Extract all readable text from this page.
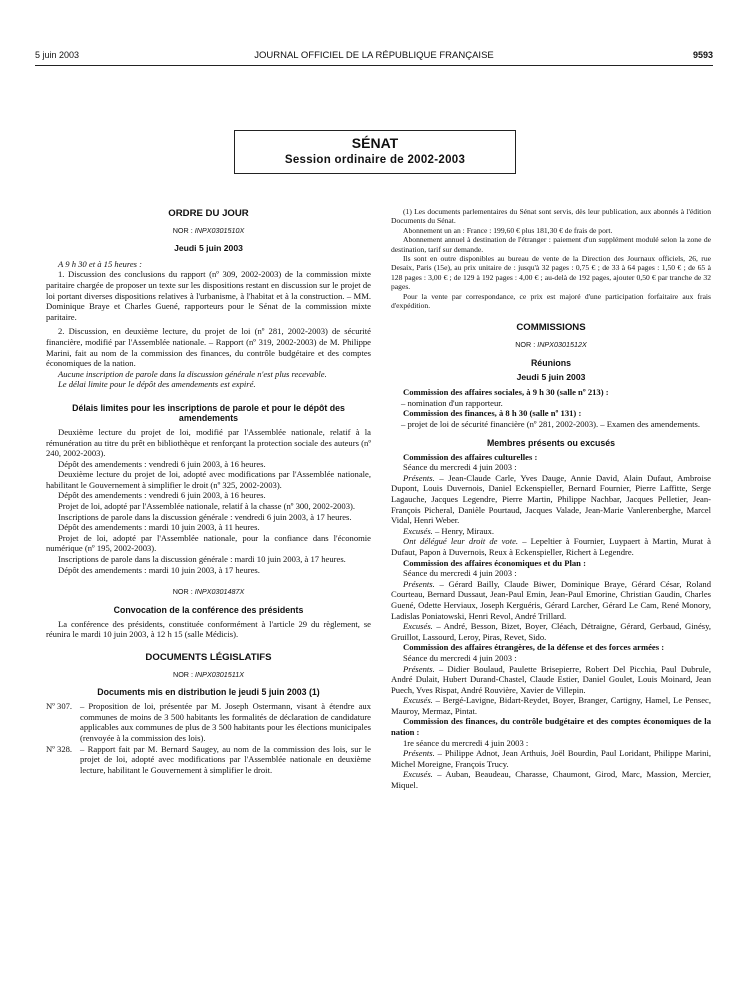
5 juin 2003	JOURNAL OFFICIEL DE LA RÉPUBLIQUE FRANÇAISE	9593
SÉNAT
Session ordinaire de 2002-2003
ORDRE DU JOUR
NOR : INPX0301510X
Jeudi 5 juin 2003

A 9 h 30 et à 15 heures :

1. Discussion des conclusions du rapport (nº 309, 2002-2003) de la commission mixte paritaire chargée de proposer un texte sur les dispositions restant en discussion sur le projet de loi portant diverses dispositions relatives à l'urbanisme, à l'habitat et à la construction. – MM. Dominique Braye et Charles Guené, rapporteurs pour le Sénat de la commission mixte paritaire.

2. Discussion, en deuxième lecture, du projet de loi (nº 281, 2002-2003) de sécurité financière, modifié par l'Assemblée nationale. – Rapport (nº 319, 2002-2003) de M. Philippe Marini, fait au nom de la commission des finances, du contrôle budgétaire et des comptes économiques de la nation.

Aucune inscription de parole dans la discussion générale n'est plus recevable.

Le délai limite pour le dépôt des amendements est expiré.

Délais limites pour les inscriptions de parole et pour le dépôt des amendements

Deuxième lecture du projet de loi, modifié par l'Assemblée nationale, relatif à la rémunération au titre du prêt en bibliothèque et renforçant la protection sociale des auteurs (nº 240, 2002-2003).

Dépôt des amendements : vendredi 6 juin 2003, à 16 heures.

Deuxième lecture du projet de loi, adopté avec modifications par l'Assemblée nationale, habilitant le Gouvernement à simplifier le droit (nº 325, 2002-2003).

Dépôt des amendements : vendredi 6 juin 2003, à 16 heures.

Projet de loi, adopté par l'Assemblée nationale, relatif à la chasse (nº 300, 2002-2003).

Inscriptions de parole dans la discussion générale : vendredi 6 juin 2003, à 17 heures.

Dépôt des amendements : mardi 10 juin 2003, à 11 heures.

Projet de loi, adopté par l'Assemblée nationale, pour la confiance dans l'économie numérique (nº 195, 2002-2003).

Inscriptions de parole dans la discussion générale : mardi 10 juin 2003, à 17 heures.

Dépôt des amendements : mardi 10 juin 2003, à 17 heures.

NOR : INPX0301487X
Convocation de la conférence des présidents

La conférence des présidents, constituée conformément à l'article 29 du règlement, se réunira le mardi 10 juin 2003, à 12 h 15 (salle Médicis).

DOCUMENTS LÉGISLATIFS
NOR : INPX0301511X
Documents mis en distribution le jeudi 5 juin 2003 (1)
Nº 307. – Proposition de loi, présentée par M. Joseph Ostermann, visant à étendre aux communes de moins de 3 500 habitants les formalités de déclaration de candidature applicables aux communes de plus de 3 500 habitants pour les élections municipales (renvoyée à la commission des lois).
Nº 328. – Rapport fait par M. Bernard Saugey, au nom de la commission des lois, sur le projet de loi, adopté avec modifications par l'Assemblée nationale en deuxième lecture, habilitant le Gouvernement à simplifier le droit.

(1) Les documents parlementaires du Sénat sont servis, dès leur publication, aux abonnés à l'édition Documents du Sénat.

Abonnement un an : France : 199,60 € plus 181,30 € de frais de port.

Abonnement annuel à destination de l'étranger : paiement d'un supplément modulé selon la zone de destination, tarif sur demande.

Ils sont en outre disponibles au bureau de vente de la Direction des Journaux officiels, 26, rue Desaix, Paris (15e), au prix unitaire de : jusqu'à 32 pages : 0,75 € ; de 33 à 64 pages : 1,50 € ; de 65 à 128 pages : 3,00 € ; de 129 à 192 pages : 4,00 € ; au-delà de 192 pages, ajouter 0,50 € par tranche de 32 pages.

Pour la vente par correspondance, ce prix est majoré d'une participation forfaitaire aux frais d'expédition.

COMMISSIONS
NOR : INPX0301512X
Réunions
Jeudi 5 juin 2003

Commission des affaires sociales, à 9 h 30 (salle nº 213) :

– nomination d'un rapporteur.

Commission des finances, à 8 h 30 (salle nº 131) :

– projet de loi de sécurité financière (nº 281, 2002-2003). – Examen des amendements.

Membres présents ou excusés

Commission des affaires culturelles :

Séance du mercredi 4 juin 2003 :

Présents. – Jean-Claude Carle, Yves Dauge, Annie David, Alain Dufaut, Ambroise Dupont, Louis Duvernois, Daniel Eckenspieller, Bernard Fournier, Pierre Laffitte, Serge Lagauche, Jacques Legendre, Pierre Martin, Philippe Nachbar, Jacques Pelletier, Jean-François Picheral, Danièle Pourtaud, Jacques Valade, Jean-Marie Vanlerenberghe, Marcel Vidal, Henri Weber.

Excusés. – Henry, Miraux.

Ont délégué leur droit de vote. – Lepeltier à Fournier, Luypaert à Martin, Murat à Dufaut, Papon à Duvernois, Reux à Eckenspieller, Richert à Legendre.

Commission des affaires économiques et du Plan :

Séance du mercredi 4 juin 2003 :

Présents. – Gérard Bailly, Claude Biwer, Dominique Braye, Gérard César, Roland Courteau, Bernard Dussaut, Jean-Paul Emin, Jean-Paul Emorine, Christian Gaudin, Charles Guené, Odette Herviaux, Joseph Kerguéris, Gérard Larcher, Gérard Le Cam, René Monory, Ladislas Poniatowski, Henri Revol, André Trillard.

Excusés. – André, Besson, Bizet, Boyer, Cléach, Détraigne, Gérard, Gerbaud, Ginésy, Gruillot, Lassourd, Leroy, Piras, Revet, Sido.

Commission des affaires étrangères, de la défense et des forces armées :

Séance du mercredi 4 juin 2003 :

Présents. – Didier Boulaud, Paulette Brisepierre, Robert Del Picchia, Paul Dubrule, André Dulait, Hubert Durand-Chastel, Claude Estier, Daniel Goulet, Louis Moinard, Jean Puech, Yves Rispat, André Rouvière, Xavier de Villepin.

Excusés. – Bergé-Lavigne, Bidart-Reydet, Boyer, Branger, Cartigny, Hamel, Le Pensec, Mauroy, Mermaz, Pintat.

Commission des finances, du contrôle budgétaire et des comptes économiques de la nation :

1re séance du mercredi 4 juin 2003 :

Présents. – Philippe Adnot, Jean Arthuis, Joël Bourdin, Paul Loridant, Philippe Marini, Michel Moreigne, François Trucy.

Excusés. – Auban, Beaudeau, Charasse, Chaumont, Girod, Marc, Massion, Mercier, Miquel.
